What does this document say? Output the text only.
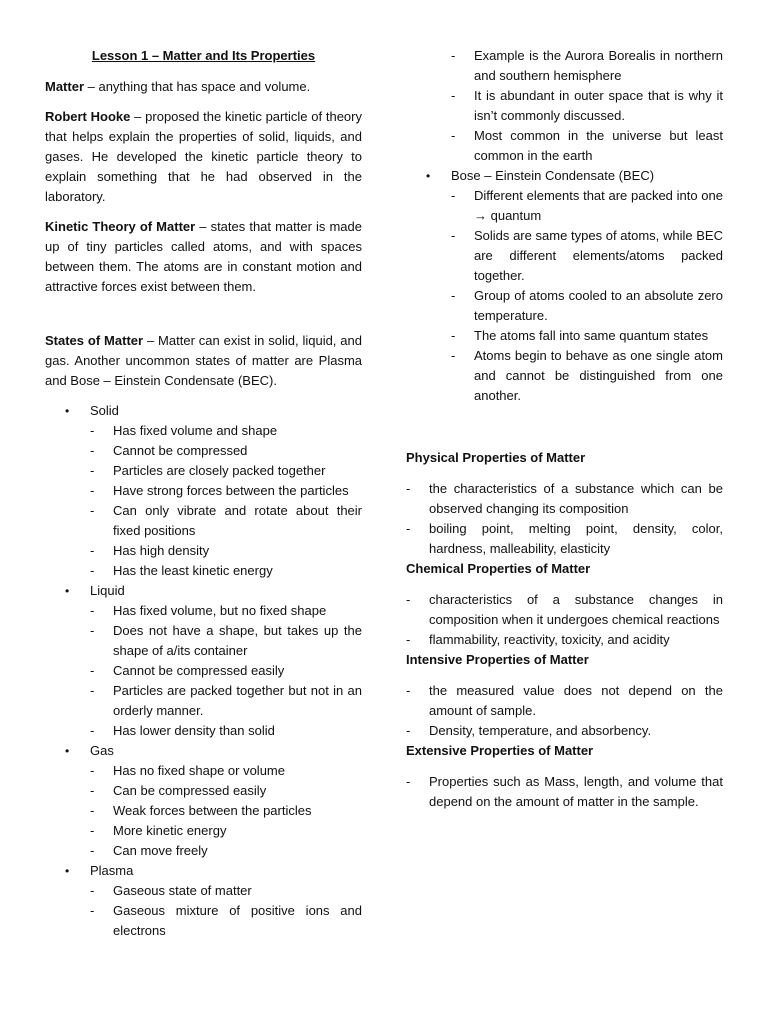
Lesson 1 – Matter and Its Properties

Matter – anything that has space and volume.

Robert Hooke – proposed the kinetic particle of theory that helps explain the properties of solid, liquids, and gases. He developed the kinetic particle theory to explain something that he had observed in the laboratory.

Kinetic Theory of Matter – states that matter is made up of tiny particles called atoms, and with spaces between them. The atoms are in constant motion and attractive forces exist between them.

States of Matter – Matter can exist in solid, liquid, and gas. Another uncommon states of matter are Plasma and Bose – Einstein Condensate (BEC).

• Solid
- Has fixed volume and shape
- Cannot be compressed
- Particles are closely packed together
- Have strong forces between the particles
- Can only vibrate and rotate about their fixed positions
- Has high density
- Has the least kinetic energy
• Liquid
- Has fixed volume, but no fixed shape
- Does not have a shape, but takes up the shape of a/its container
- Cannot be compressed easily
- Particles are packed together but not in an orderly manner.
- Has lower density than solid
• Gas
- Has no fixed shape or volume
- Can be compressed easily
- Weak forces between the particles
- More kinetic energy
- Can move freely
• Plasma
- Gaseous state of matter
- Gaseous mixture of positive ions and electrons
- Example is the Aurora Borealis in northern and southern hemisphere
- It is abundant in outer space that is why it isn’t commonly discussed.
- Most common in the universe but least common in the earth
• Bose – Einstein Condensate (BEC)
- Different elements that are packed into one → quantum
- Solids are same types of atoms, while BEC are different elements/atoms packed together.
- Group of atoms cooled to an absolute zero temperature.
- The atoms fall into same quantum states
- Atoms begin to behave as one single atom and cannot be distinguished from one another.
Physical Properties of Matter
- the characteristics of a substance which can be observed changing its composition
- boiling point, melting point, density, color, hardness, malleability, elasticity
Chemical Properties of Matter
- characteristics of a substance changes in composition when it undergoes chemical reactions
- flammability, reactivity, toxicity, and acidity
Intensive Properties of Matter
- the measured value does not depend on the amount of sample.
- Density, temperature, and absorbency.
Extensive Properties of Matter
- Properties such as Mass, length, and volume that depend on the amount of matter in the sample.
